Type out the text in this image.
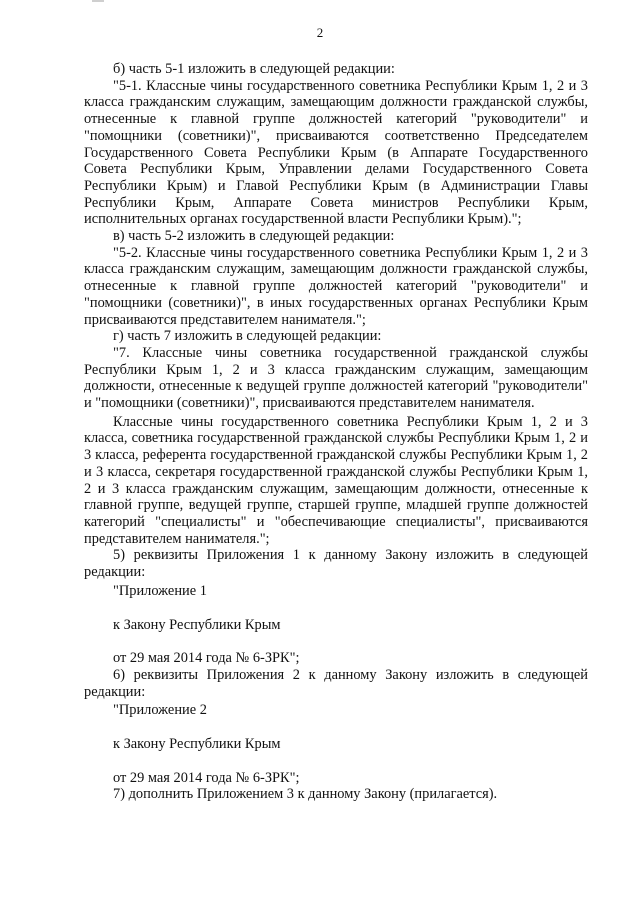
2

б) часть 5-1 изложить в следующей редакции:

"5-1. Классные чины государственного советника Республики Крым 1, 2 и 3 класса гражданским служащим, замещающим должности гражданской службы, отнесенные к главной группе должностей категорий "руководители" и "помощники (советники)", присваиваются соответственно Председателем Государственного Совета Республики Крым (в Аппарате Государственного Совета Республики Крым, Управлении делами Государственного Совета Республики Крым) и Главой Республики Крым (в Администрации Главы Республики Крым, Аппарате Совета министров Республики Крым, исполнительных органах государственной власти Республики Крым).";

в) часть 5-2 изложить в следующей редакции:

"5-2. Классные чины государственного советника Республики Крым 1, 2 и 3 класса гражданским служащим, замещающим должности гражданской службы, отнесенные к главной группе должностей категорий "руководители" и "помощники (советники)", в иных государственных органах Республики Крым присваиваются представителем нанимателя.";

г) часть 7 изложить в следующей редакции:

"7. Классные чины советника государственной гражданской службы Республики Крым 1, 2 и 3 класса гражданским служащим, замещающим должности, отнесенные к ведущей группе должностей категорий "руководители" и "помощники (советники)", присваиваются представителем нанимателя.

Классные чины государственного советника Республики Крым 1, 2 и 3 класса, советника государственной гражданской службы Республики Крым 1, 2 и 3 класса, референта государственной гражданской службы Республики Крым 1, 2 и 3 класса, секретаря государственной гражданской службы Республики Крым 1, 2 и 3 класса гражданским служащим, замещающим должности, отнесенные к главной группе, ведущей группе, старшей группе, младшей группе должностей категорий "специалисты" и "обеспечивающие специалисты", присваиваются представителем нанимателя.";

5) реквизиты Приложения 1 к данному Закону изложить в следующей редакции:

"Приложение 1

к Закону Республики Крым

от 29 мая 2014 года № 6-ЗРК";

6) реквизиты Приложения 2 к данному Закону изложить в следующей редакции:

"Приложение 2

к Закону Республики Крым

от 29 мая 2014 года № 6-ЗРК";

7) дополнить Приложением 3 к данному Закону (прилагается).
